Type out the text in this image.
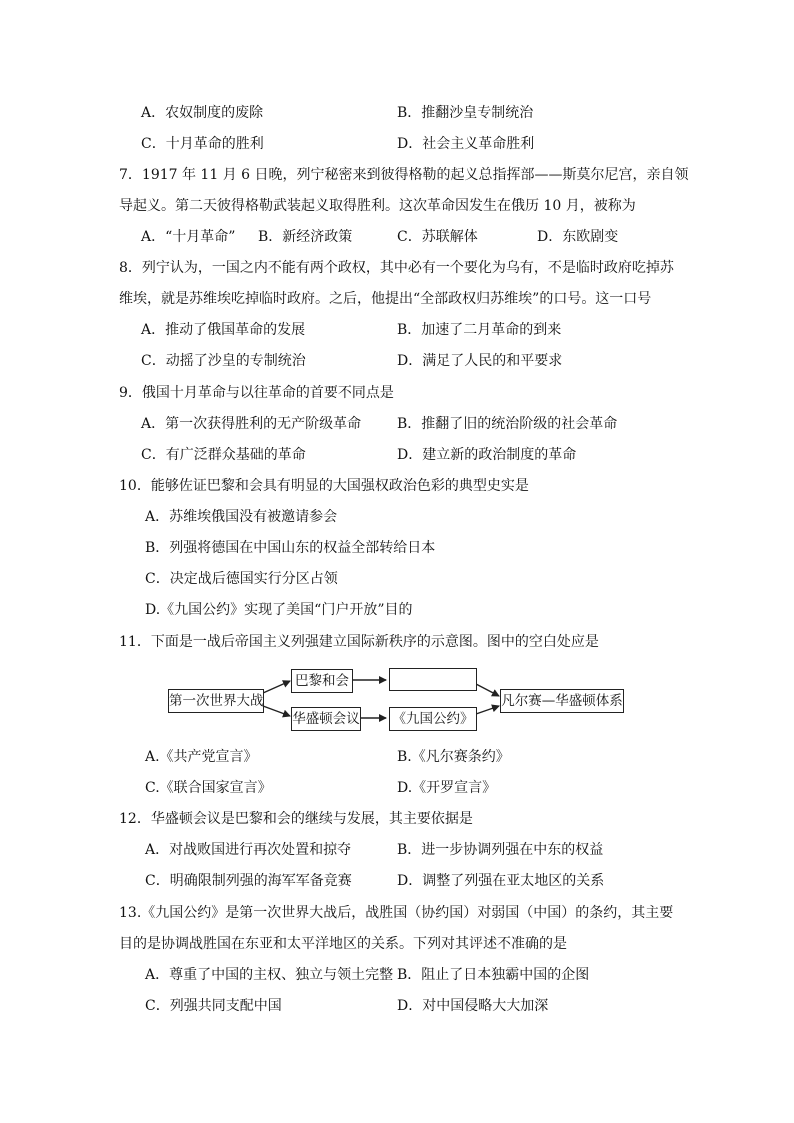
A．农奴制度的废除	B．推翻沙皇专制统治
C．十月革命的胜利	D．社会主义革命胜利
7．1917 年 11 月 6 日晚，列宁秘密来到彼得格勒的起义总指挥部——斯莫尔尼宫，亲自领
导起义。第二天彼得格勒武装起义取得胜利。这次革命因发生在俄历 10 月，被称为
A．“十月革命” B．新经济政策	C．苏联解体	D．东欧剧变
8．列宁认为，一国之内不能有两个政权，其中必有一个要化为乌有，不是临时政府吃掉苏
维埃，就是苏维埃吃掉临时政府。之后，他提出“全部政权归苏维埃”的口号。这一口号
A．推动了俄国革命的发展	B．加速了二月革命的到来
C．动摇了沙皇的专制统治	D．满足了人民的和平要求
9．俄国十月革命与以往革命的首要不同点是
A．第一次获得胜利的无产阶级革命	B．推翻了旧的统治阶级的社会革命
C．有广泛群众基础的革命	D．建立新的政治制度的革命
10．能够佐证巴黎和会具有明显的大国强权政治色彩的典型史实是
A．苏维埃俄国没有被邀请参会
B．列强将德国在中国山东的权益全部转给日本
C．决定战后德国实行分区占领
D.《九国公约》实现了美国“门户开放”目的
11．下面是一战后帝国主义列强建立国际新秩序的示意图。图中的空白处应是
第一次世界大战
巴黎和会
华盛顿会议 《九国公约》
凡尔赛—华盛顿体系
A.《共产党宣言》	B.《凡尔赛条约》
C.《联合国家宣言》	D.《开罗宣言》
12．华盛顿会议是巴黎和会的继续与发展，其主要依据是
A．对战败国进行再次处置和掠夺	B．进一步协调列强在中东的权益
C．明确限制列强的海军军备竞赛	D．调整了列强在亚太地区的关系
13.《九国公约》是第一次世界大战后，战胜国（协约国）对弱国（中国）的条约，其主要
目的是协调战胜国在东亚和太平洋地区的关系。下列对其评述不准确的是
A．尊重了中国的主权、独立与领土完整 B．阻止了日本独霸中国的企图
C．列强共同支配中国	D．对中国侵略大大加深
